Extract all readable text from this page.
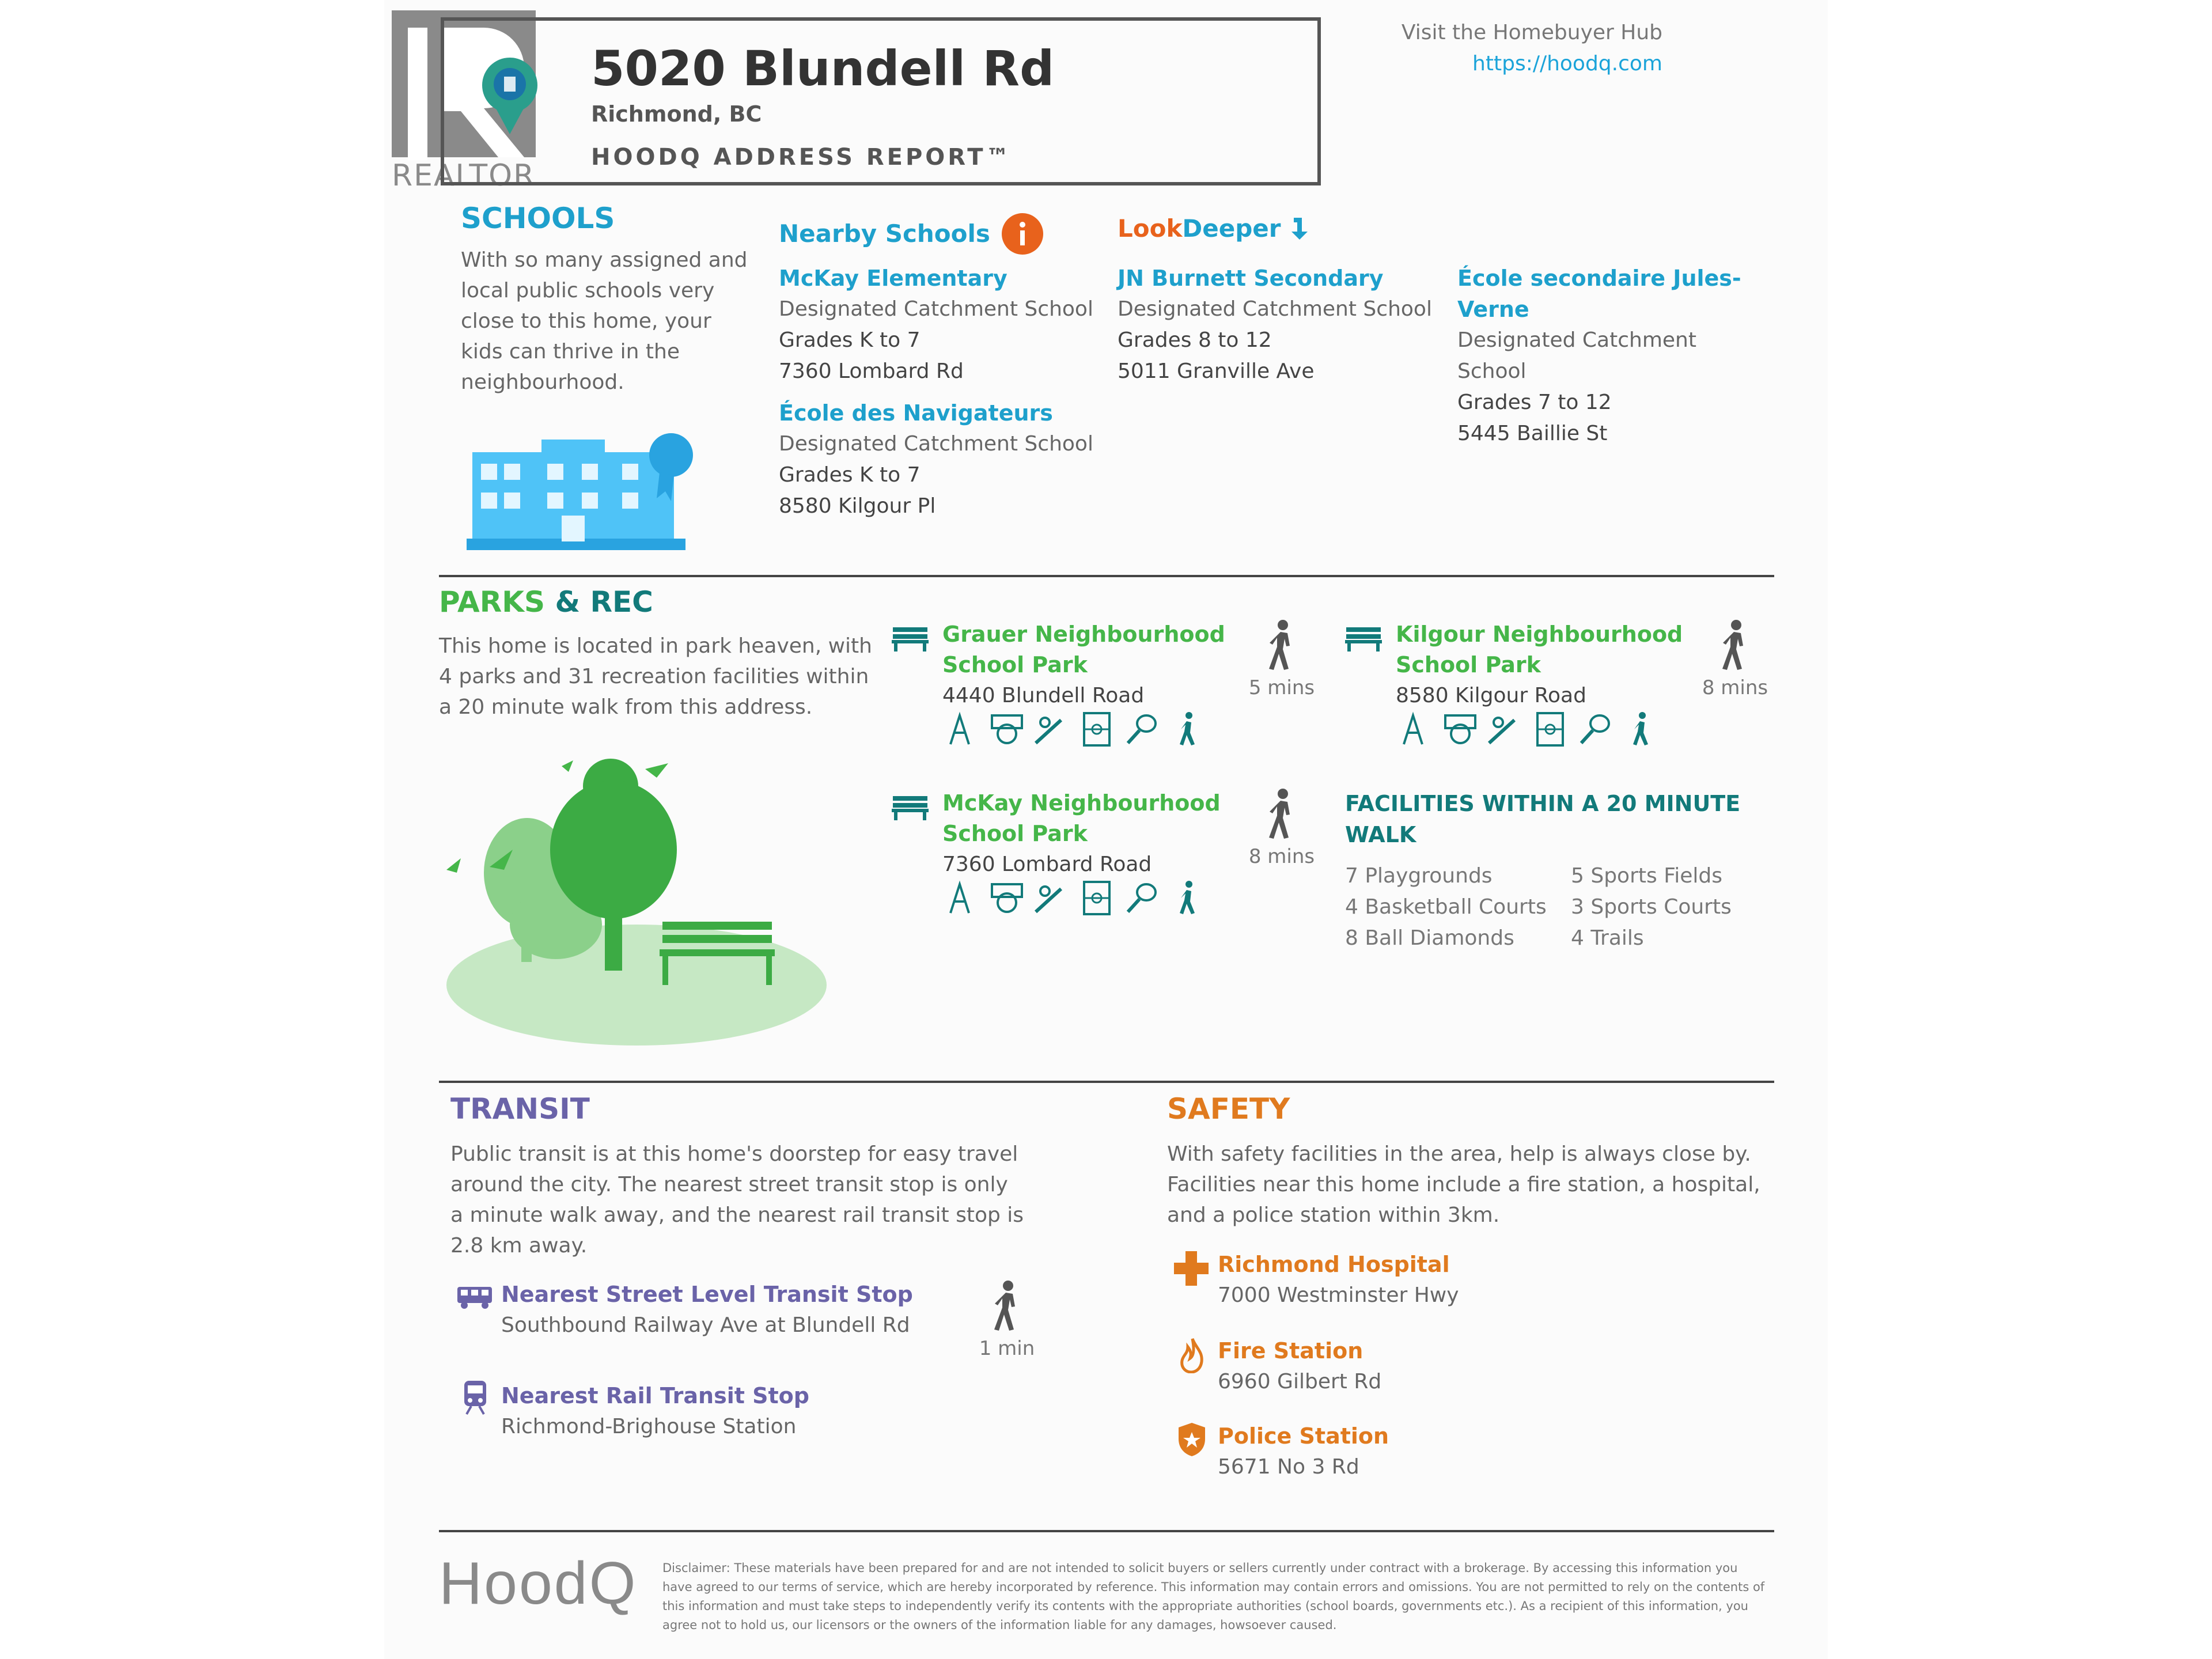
REALTOR
5020 Blundell Rd
Richmond, BC
HOODQ ADDRESS REPORT™
Visit the Homebuyer Hub
https://hoodq.com
SCHOOLS
With so many assigned and local public schools very close to this home, your kids can thrive in the neighbourhood.
Nearby Schools	Look Deeper
McKay Elementary
Designated Catchment School
Grades K to 7
7360 Lombard Rd
École des Navigateurs
Designated Catchment School
Grades K to 7
8580 Kilgour Pl
JN Burnett Secondary
Designated Catchment School
Grades 8 to 12
5011 Granville Ave
École secondaire Jules-Verne
Designated Catchment School
Grades 7 to 12
5445 Baillie St
PARKS & REC
This home is located in park heaven, with 4 parks and 31 recreation facilities within a 20 minute walk from this address.
Grauer Neighbourhood School Park
4440 Blundell Road	5 mins
Kilgour Neighbourhood School Park
8580 Kilgour Road	8 mins
McKay Neighbourhood School Park
7360 Lombard Road	8 mins
FACILITIES WITHIN A 20 MINUTE WALK
7 Playgrounds	5 Sports Fields
4 Basketball Courts	3 Sports Courts
8 Ball Diamonds	4 Trails
TRANSIT
Public transit is at this home's doorstep for easy travel around the city. The nearest street transit stop is only a minute walk away, and the nearest rail transit stop is 2.8 km away.
Nearest Street Level Transit Stop
Southbound Railway Ave at Blundell Rd
1 min
Nearest Rail Transit Stop
Richmond-Brighouse Station
SAFETY
With safety facilities in the area, help is always close by. Facilities near this home include a fire station, a hospital, and a police station within 3km.
Richmond Hospital
7000 Westminster Hwy
Fire Station
6960 Gilbert Rd
Police Station
5671 No 3 Rd
HoodQ Disclaimer: These materials have been prepared for and are not intended to solicit buyers or sellers currently under contract with a brokerage. By accessing this information you have agreed to our terms of service, which are hereby incorporated by reference. This information may contain errors and omissions. You are not permitted to rely on the contents of this information and must take steps to independently verify its contents with the appropriate authorities (school boards, governments etc.). As a recipient of this information, you agree not to hold us, our licensors or the owners of the information liable for any damages, howsoever caused.
